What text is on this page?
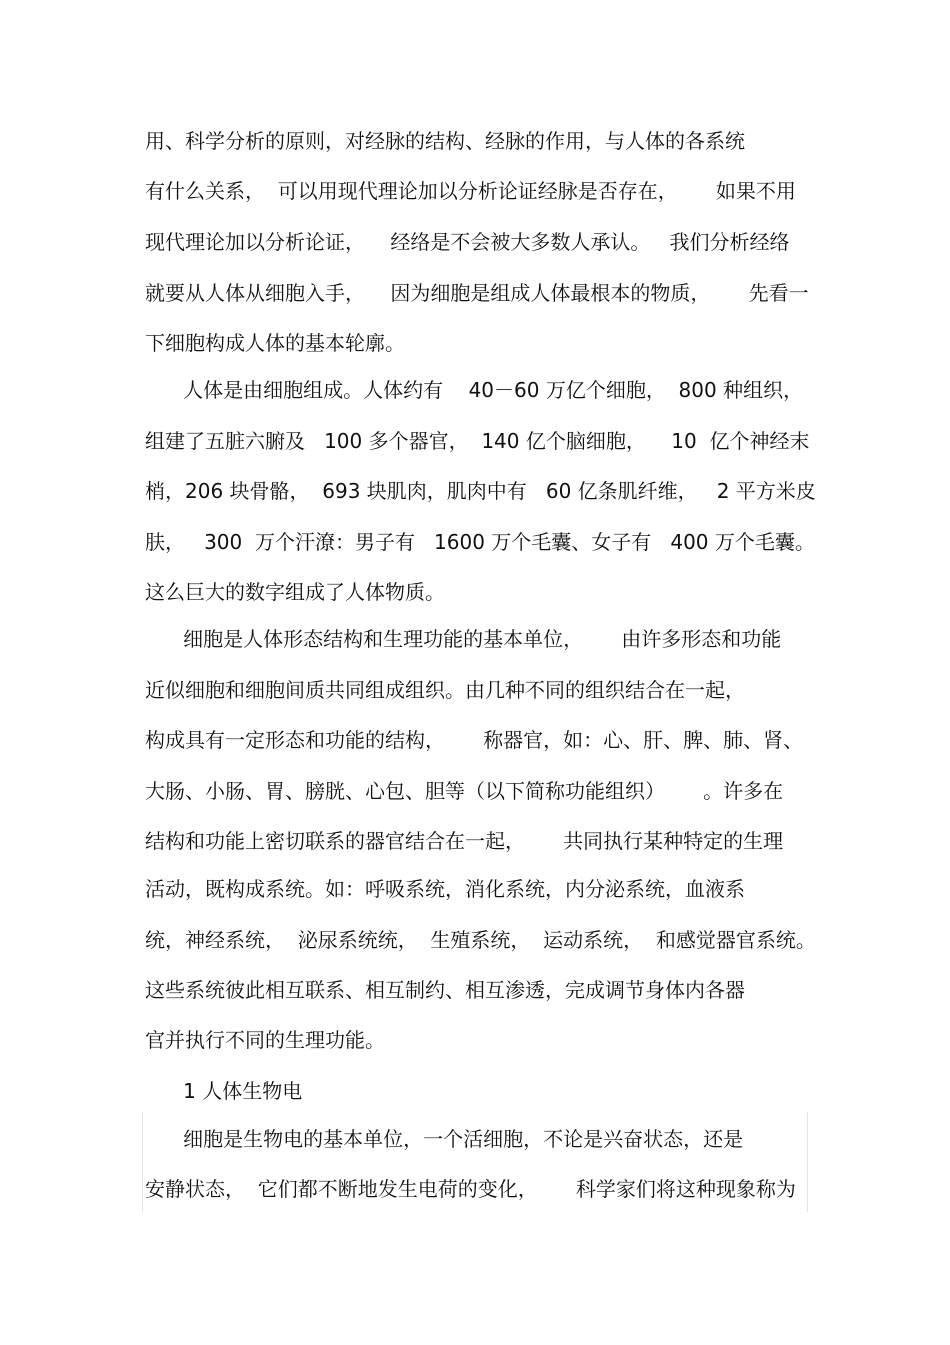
用、科学分析的原则，对经脉的结构、经脉的作用，与人体的各系统
有什么关系，  可以用现代理论加以分析论证经脉是否存在，      如果不用
现代理论加以分析论证，    经络是不会被大多数人承认。   我们分析经络
就要从人体从细胞入手，    因为细胞是组成人体最根本的物质，      先看一
下细胞构成人体的基本轮廓。
人体是由细胞组成。人体约有    40－60 万亿个细胞，  800 种组织，
组建了五脏六腑及   100 多个器官，  140 亿个脑细胞，    10  亿个神经末
梢，206 块骨骼，  693 块肌肉，肌肉中有   60 亿条肌纤维，   2 平方米皮
肤，   300  万个汗潦：男子有   1600 万个毛囊、女子有   400 万个毛囊。
这么巨大的数字组成了人体物质。
细胞是人体形态结构和生理功能的基本单位，      由许多形态和功能
近似细胞和细胞间质共同组成组织。由几种不同的组织结合在一起，
构成具有一定形态和功能的结构，      称器官，如：心、肝、脾、肺、肾、
大肠、小肠、胃、膀胱、心包、胆等（以下简称功能组织）      。许多在
结构和功能上密切联系的器官结合在一起，      共同执行某种特定的生理
活动，既构成系统。如：呼吸系统，消化系统，内分泌系统，血液系
统，神经系统，  泌尿系统统，  生殖系统，  运动系统，  和感觉器官系统。
这些系统彼此相互联系、相互制约、相互渗透，完成调节身体内各器
官并执行不同的生理功能。
1 人体生物电
细胞是生物电的基本单位，一个活细胞，不论是兴奋状态，还是
安静状态，  它们都不断地发生电荷的变化，      科学家们将这种现象称为
